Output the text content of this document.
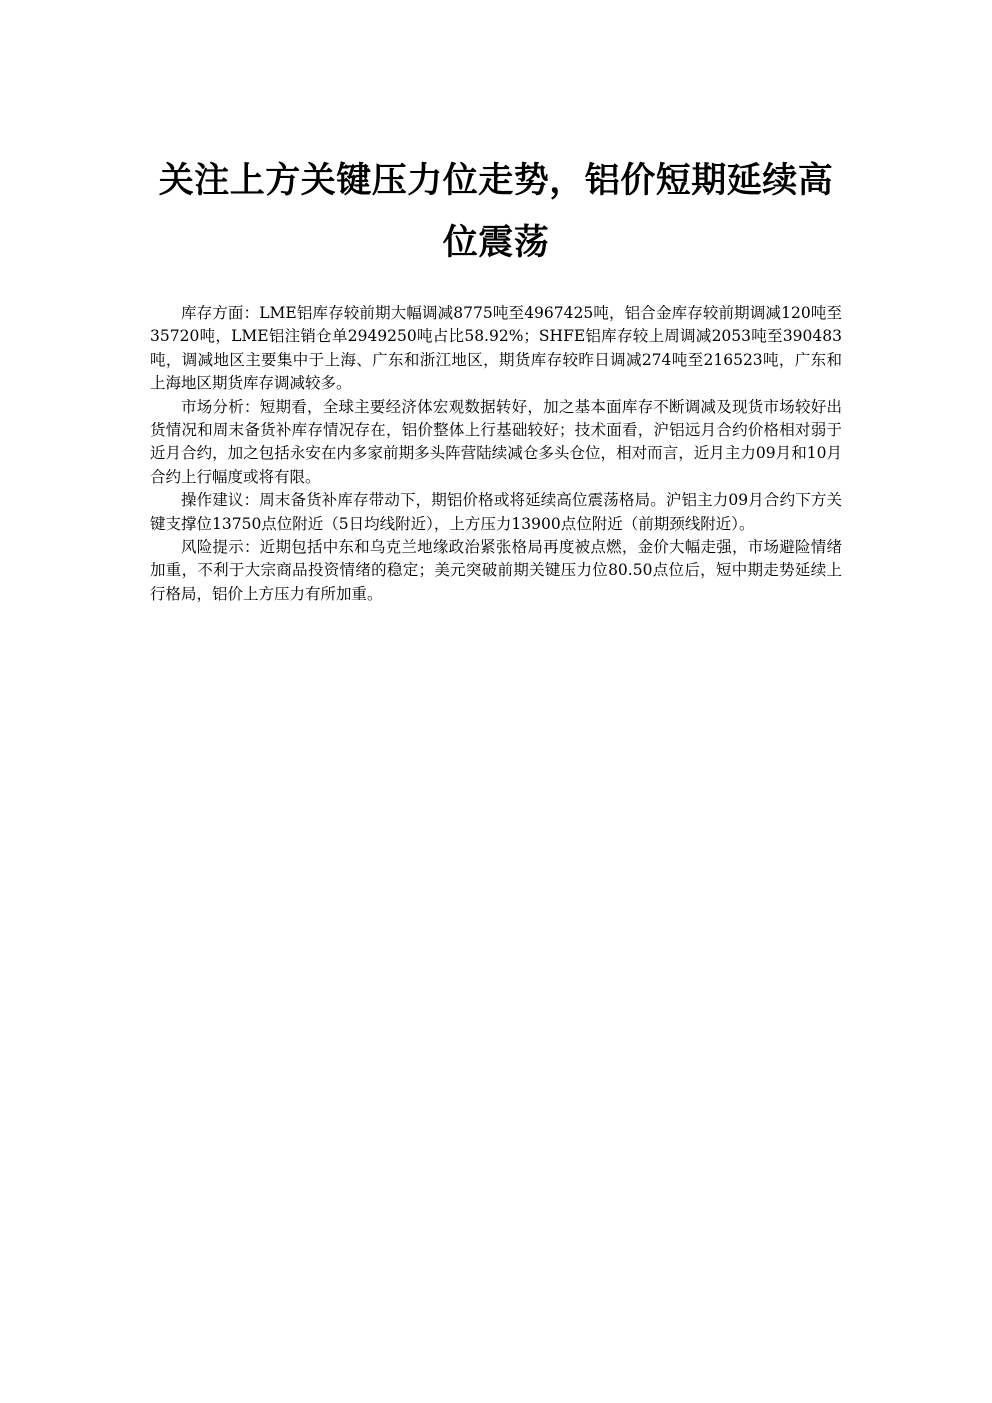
关注上方关键压力位走势，铝价短期延续高位震荡

库存方面：LME铝库存较前期大幅调减8775吨至4967425吨，铝合金库存较前期调减120吨至35720吨，LME铝注销仓单2949250吨占比58.92%；SHFE铝库存较上周调减2053吨至390483吨，调减地区主要集中于上海、广东和浙江地区，期货库存较昨日调减274吨至216523吨，广东和上海地区期货库存调减较多。

市场分析：短期看，全球主要经济体宏观数据转好，加之基本面库存不断调减及现货市场较好出货情况和周末备货补库存情况存在，铝价整体上行基础较好；技术面看，沪铝远月合约价格相对弱于近月合约，加之包括永安在内多家前期多头阵营陆续减仓多头仓位，相对而言，近月主力09月和10月合约上行幅度或将有限。

操作建议：周末备货补库存带动下，期铝价格或将延续高位震荡格局。沪铝主力09月合约下方关键支撑位13750点位附近（5日均线附近），上方压力13900点位附近（前期颈线附近）。

风险提示：近期包括中东和乌克兰地缘政治紧张格局再度被点燃，金价大幅走强，市场避险情绪加重，不利于大宗商品投资情绪的稳定；美元突破前期关键压力位80.50点位后，短中期走势延续上行格局，铝价上方压力有所加重。
